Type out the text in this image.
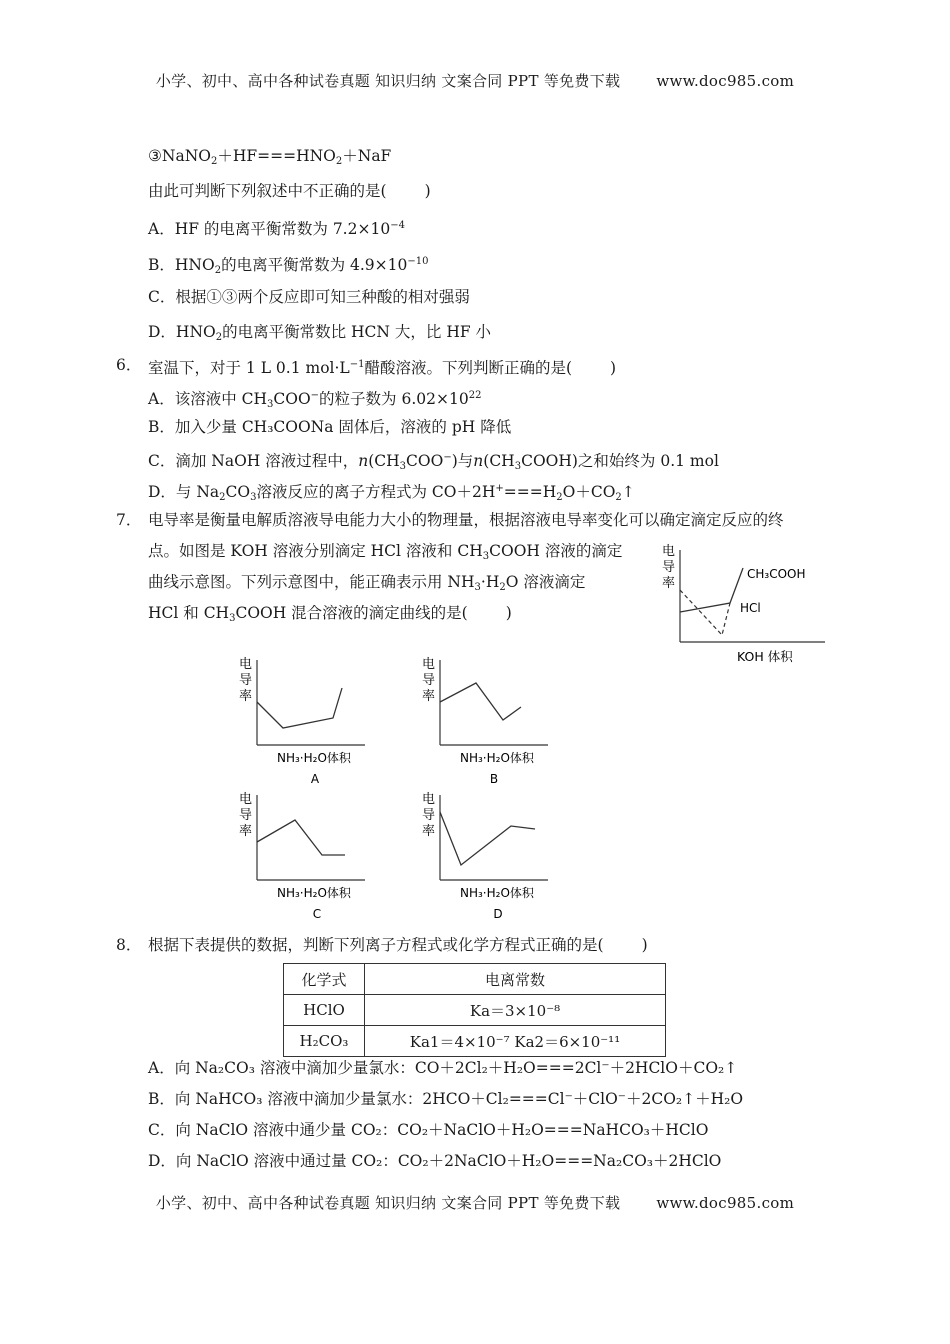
小学、初中、高中各种试卷真题 知识归纳 文案合同 PPT 等免费下载 www.doc985.com
$③NaNO_2+HF===HNO_2+NaF$
由此可判断下列叙述中不正确的是( )
A．HF 的电离平衡常数为 $7.2\times 10^{-4}$
B．$HNO_2$的电离平衡常数为 $4.9\times 10^{-10}$
C．根据①③两个反应即可知三种酸的相对强弱
D．$HNO_2$的电离平衡常数比 HCN 大，比 HF 小
6． 室温下，对于 1 L 0.1 $mol\cdot L^{-1}$醋酸溶液。下列判断正确的是( )
A．该溶液中 $CH_3COO^-$的粒子数为 $6.02\times 10^{22}$
B．加入少量 CH₃COONa 固体后，溶液的 pH 降低
C．滴加 NaOH 溶液过程中，$n(CH_3COO^-)$与$n(CH_3COOH)$之和始终为 0.1 mol
D．与 $Na_2CO_3$溶液反应的离子方程式为 $CO+2H^+===H_2O+CO_2↑$
7． 电导率是衡量电解质溶液导电能力大小的物理量，根据溶液电导率变化可以确定滴定反应的终
点。如图是 KOH 溶液分别滴定 HCl 溶液和 $CH_3COOH$ 溶液的滴定
曲线示意图。下列示意图中，能正确表示用 $NH_3\cdot H_2O$ 溶液滴定
HCl 和 $CH_3COOH$ 混合溶液的滴定曲线的是( )
电
导
率
CH₃COOH
HCl
KOH 体积
电
导
率
NH₃·H₂O体积
A
电
导
率
NH₃·H₂O体积
B
电
导
率
NH₃·H₂O体积
C
电
导
率
NH₃·H₂O体积
D
8． 根据下表提供的数据，判断下列离子方程式或化学方程式正确的是( )
化学式	电离常数
HClO	Ka＝3×10⁻⁸
H₂CO₃	Ka1＝4×10⁻⁷ Ka2＝6×10⁻¹¹
A．向 Na₂CO₃ 溶液中滴加少量氯水：CO＋2Cl₂＋H₂O===2Cl⁻＋2HClO＋CO₂↑
B．向 NaHCO₃ 溶液中滴加少量氯水：2HCO＋Cl₂===Cl⁻＋ClO⁻＋2CO₂↑＋H₂O
C．向 NaClO 溶液中通少量 CO₂：CO₂＋NaClO＋H₂O===NaHCO₃＋HClO
D．向 NaClO 溶液中通过量 CO₂：CO₂＋2NaClO＋H₂O===Na₂CO₃＋2HClO
小学、初中、高中各种试卷真题 知识归纳 文案合同 PPT 等免费下载 www.doc985.com
